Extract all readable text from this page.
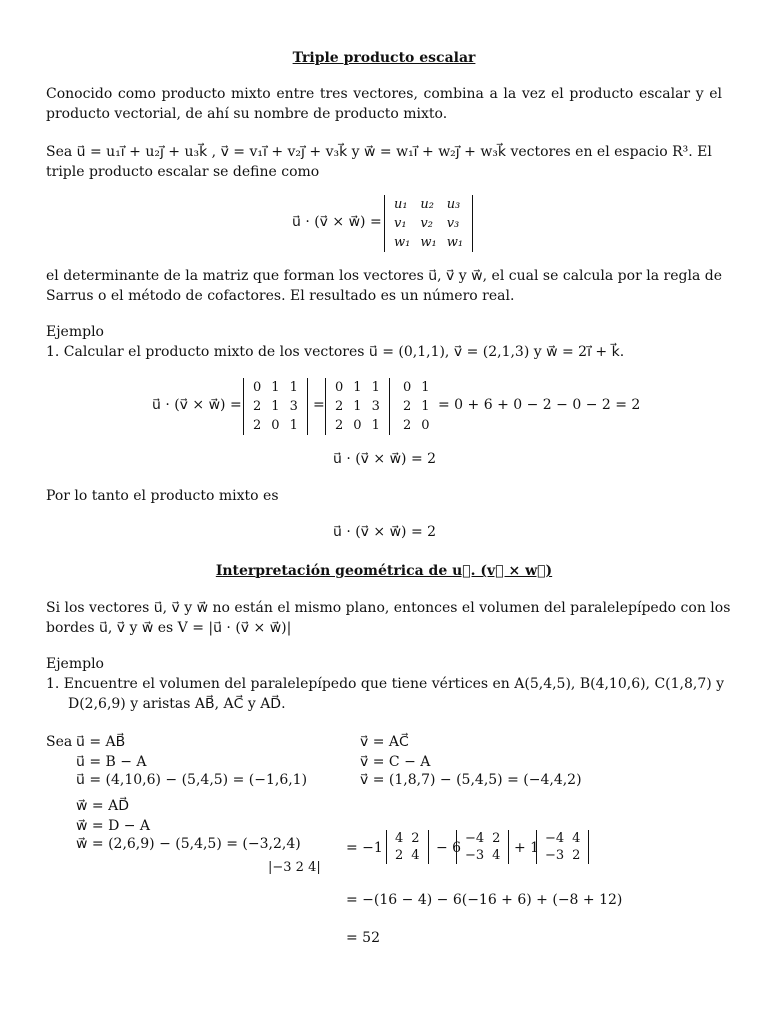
Triple producto escalar
Conocido como producto mixto entre tres vectores, combina a la vez el producto escalar y el producto vectorial, de ahí su nombre de producto mixto.
Sea u⃗ = u₁i⃗ + u₂j⃗ + u₃k⃗ , v⃗ = v₁i⃗ + v₂j⃗ + v₃k⃗ y w⃗ = w₁i⃗ + w₂j⃗ + w₃k⃗ vectores en el espacio R³. El
triple producto escalar se define como
u⃗ · (v⃗ × w⃗) =
u₁	u₂	u₃
v₁	v₂	v₃
w₁	w₁	w₁
el determinante de la matriz que forman los vectores u⃗, v⃗ y w⃗, el cual se calcula por la regla de Sarrus o el método de cofactores. El resultado es un número real.
Ejemplo
1. Calcular el producto mixto de los vectores u⃗ = (0,1,1), v⃗ = (2,1,3) y w⃗ = 2i⃗ + k⃗.
u⃗ · (v⃗ × w⃗) =
0	1	1
2	1	3
2	0	1
=
0	1	1
2	1	3
2	0	1
0	1
2	1
2	0
= 0 + 6 + 0 − 2 − 0 − 2 = 2
u⃗ · (v⃗ × w⃗) = 2
Por lo tanto el producto mixto es
u⃗ · (v⃗ × w⃗) = 2
Interpretación geométrica de u⃗. (v⃗ × w⃗)
Si los vectores u⃗, v⃗ y w⃗ no están el mismo plano, entonces el volumen del paralelepípedo con los
bordes u⃗, v⃗ y w⃗ es V = |u⃗ · (v⃗ × w⃗)|
Ejemplo
1. Encuentre el volumen del paralelepípedo que tiene vértices en A(5,4,5), B(4,10,6), C(1,8,7) y
D(2,6,9) y aristas AB⃗, AC⃗ y AD⃗.
Sea u⃗ = AB⃗
u⃗ = B − A
u⃗ = (4,10,6) − (5,4,5) = (−1,6,1)
v⃗ = AC⃗
v⃗ = C − A
v⃗ = (1,8,7) − (5,4,5) = (−4,4,2)
w⃗ = AD⃗
w⃗ = D − A
w⃗ = (2,6,9) − (5,4,5) = (−3,2,4)
|−3 2 4|
= −1
4	2
2	4 − 6
−4	2
−3	4 + 1
−4	4
−3	2
= −(16 − 4) − 6(−16 + 6) + (−8 + 12)
= 52
